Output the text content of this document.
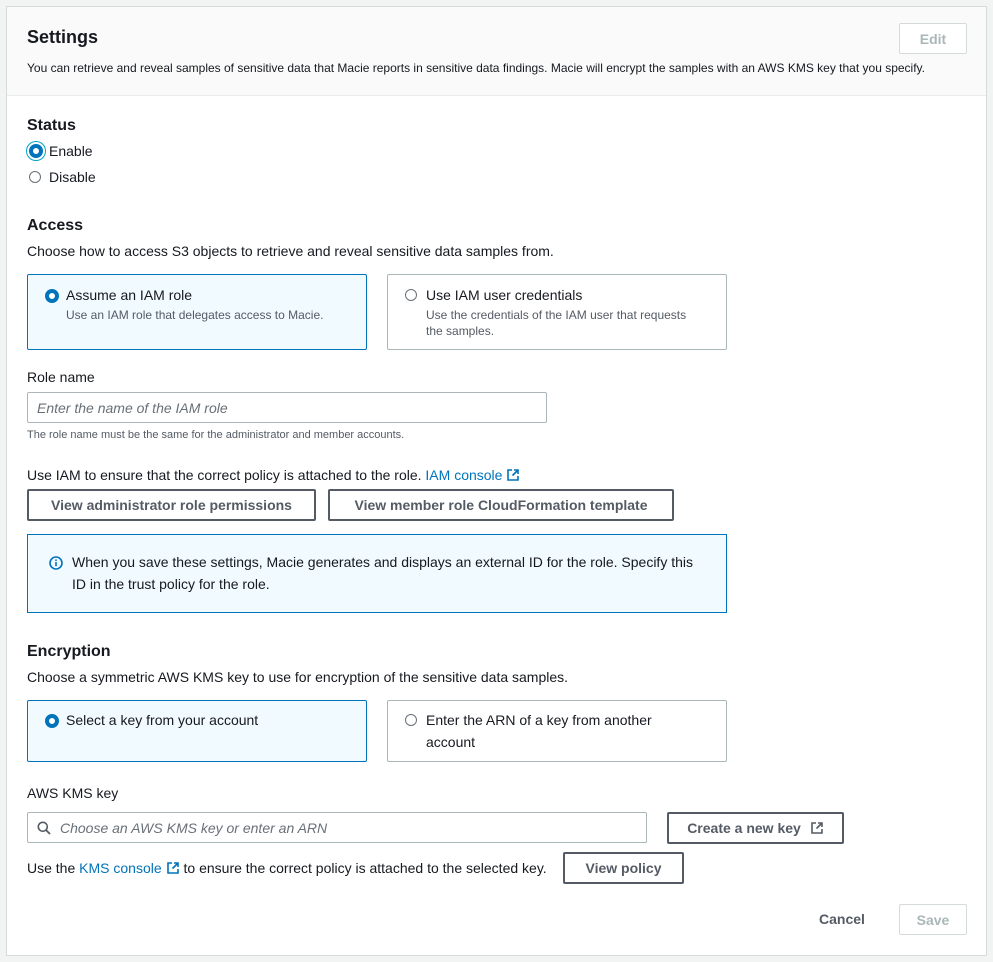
Settings
You can retrieve and reveal samples of sensitive data that Macie reports in sensitive data findings. Macie will encrypt the samples with an AWS KMS key that you specify.
Edit
Status
Enable
Disable
Access
Choose how to access S3 objects to retrieve and reveal sensitive data samples from.
Assume an IAM role
Use an IAM role that delegates access to Macie.
Use IAM user credentials
Use the credentials of the IAM user that requests
the samples.
Role name
Enter the name of the IAM role
The role name must be the same for the administrator and member accounts.
Use IAM to ensure that the correct policy is attached to the role. IAM console
View administrator role permissions	View member role CloudFormation template
When you save these settings, Macie generates and displays an external ID for the role. Specify this
ID in the trust policy for the role.
Encryption
Choose a symmetric AWS KMS key to use for encryption of the sensitive data samples.
Select a key from your account	Enter the ARN of a key from another
account
AWS KMS key
Choose an AWS KMS key or enter an ARN	Create a new key
Use the KMS console to ensure the correct policy is attached to the selected key.	View policy
Cancel	Save
